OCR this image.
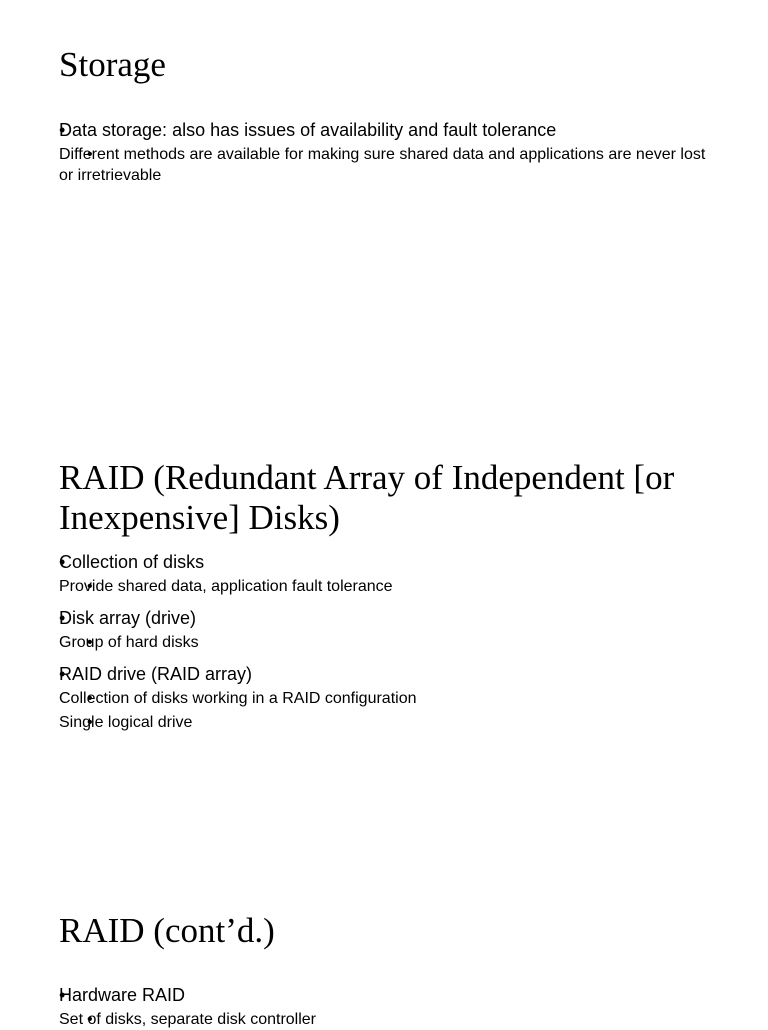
Storage
• Data storage: also has issues of availability and fault tolerance
• Different methods are available for making sure shared data and applications are never lost or irretrievable
RAID (Redundant Array of Independent [or Inexpensive] Disks)
• Collection of disks
• Provide shared data, application fault tolerance
• Disk array (drive)
• Group of hard disks
• RAID drive (RAID array)
• Collection of disks working in a RAID configuration
• Single logical drive
RAID (cont’d.)
• Hardware RAID
• Set of disks, separate disk controller
